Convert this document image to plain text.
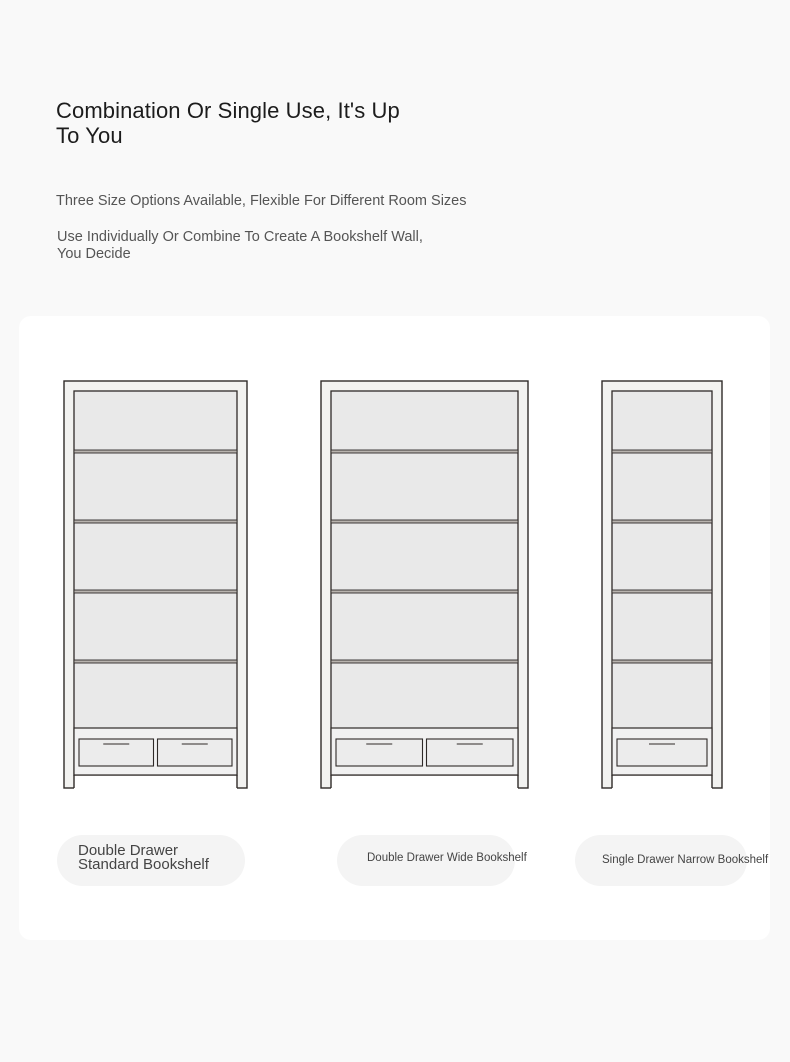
Combination Or Single Use, It's Up To You

Three Size Options Available, Flexible For Different Room Sizes

Use Individually Or Combine To Create A Bookshelf Wall, You Decide

Double Drawer
Standard Bookshelf	Double Drawer Wide Bookshelf	Single Drawer Narrow Bookshelf
